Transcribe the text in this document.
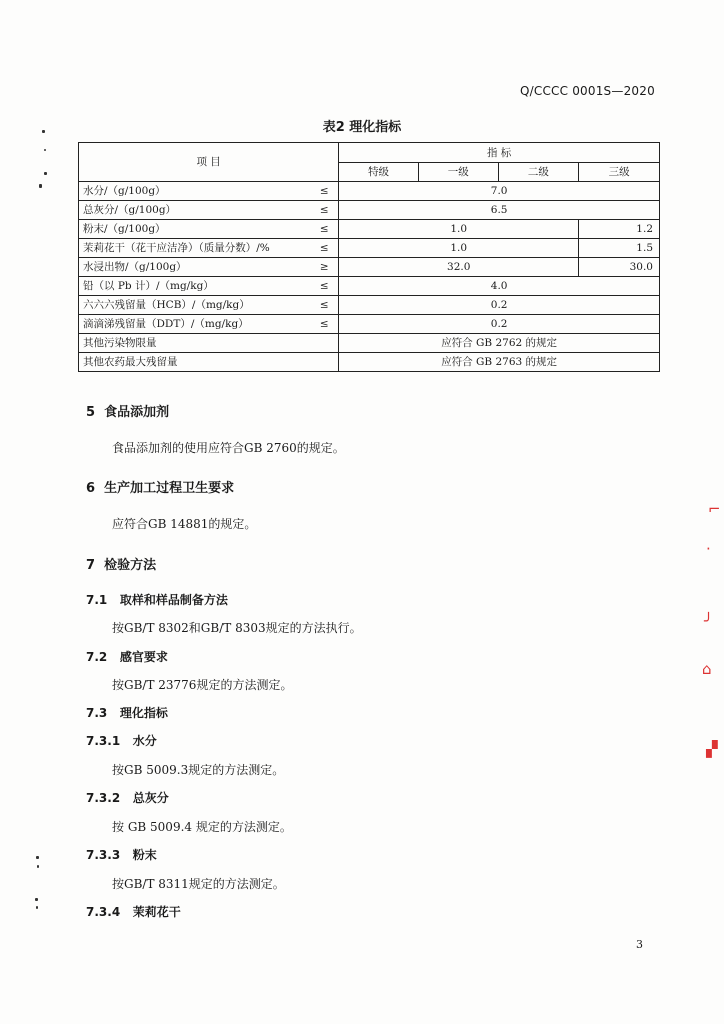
Q/CCCC 0001S—2020
表2 理化指标
项 目		指 标			
		特级	一级	二级	三级
水分/（g/100g）	≤	7.0			
总灰分/（g/100g）	≤	6.5			
粉末/（g/100g）	≤	1.0			1.2
茉莉花干（花干应洁净）（质量分数）/%	≤	1.0			1.5
水浸出物/（g/100g）	≥	32.0			30.0
铅（以 Pb 计）/（mg/kg）	≤	4.0			
六六六残留量（HCB）/（mg/kg）	≤	0.2			
滴滴涕残留量（DDT）/（mg/kg）	≤	0.2			
其他污染物限量		应符合 GB 2762 的规定			
其他农药最大残留量		应符合 GB 2763 的规定			
5 食品添加剂
食品添加剂的使用应符合GB 2760的规定。
6 生产加工过程卫生要求
应符合GB 14881的规定。
7 检验方法
7.1 取样和样品制备方法
按GB/T 8302和GB/T 8303规定的方法执行。
7.2 感官要求
按GB/T 23776规定的方法测定。
7.3 理化指标
7.3.1 水分
按GB 5009.3规定的方法测定。
7.3.2 总灰分
按 GB 5009.4 规定的方法测定。
7.3.3 粉末
按GB/T 8311规定的方法测定。
7.3.4 茉莉花干
3
⌐
·
╯
⌂
▞
